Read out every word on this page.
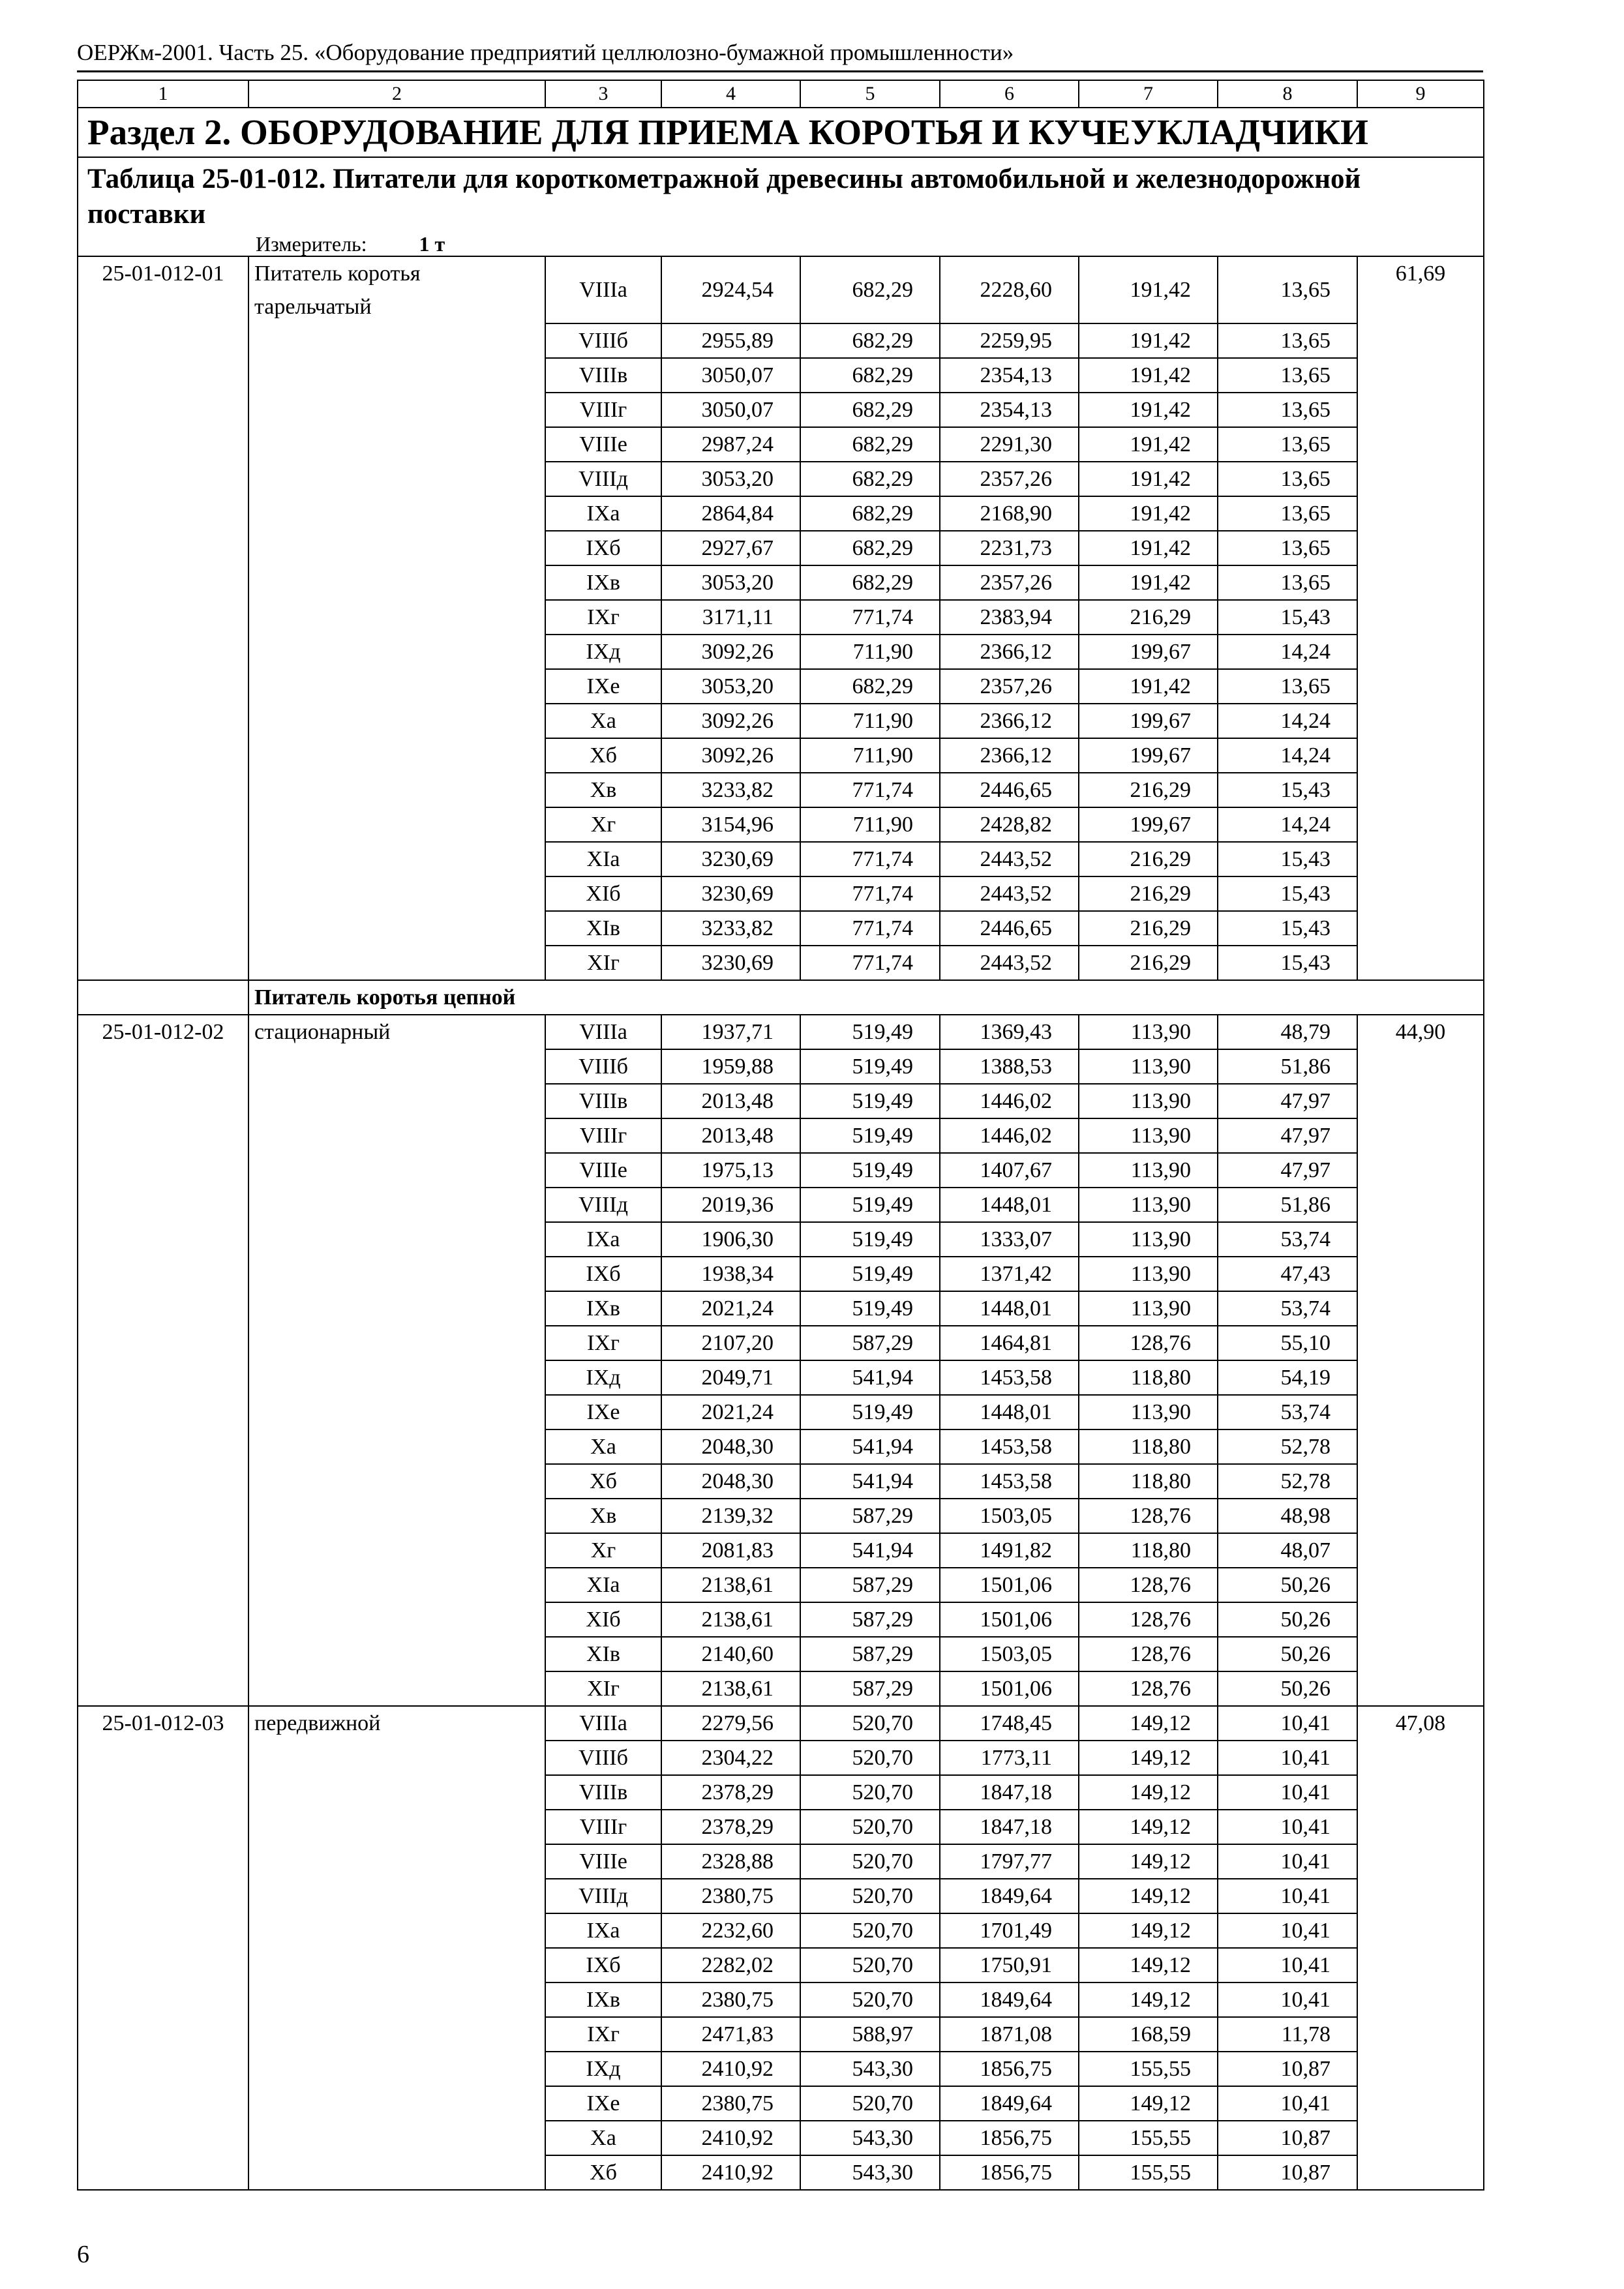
ОЕРЖм-2001. Часть 25. «Оборудование предприятий целлюлозно-бумажной промышленности»
1	2	3	4	5	6	7	8	9
Раздел 2. ОБОРУДОВАНИЕ ДЛЯ ПРИЕМА КОРОТЬЯ И КУЧЕУКЛАДЧИКИ								
Таблица 25-01-012. Питатели для короткометражной древесины автомобильной и железнодорожной поставки								
Измеритель: 1 т								
25-01-012-01	Питатель коротья тарельчатый	VIIIа	2924,54	682,29	2228,60	191,42	13,65	61,69
		VIIIб	2955,89	682,29	2259,95	191,42	13,65	
		VIIIв	3050,07	682,29	2354,13	191,42	13,65	
		VIIIг	3050,07	682,29	2354,13	191,42	13,65	
		VIIIе	2987,24	682,29	2291,30	191,42	13,65	
		VIIIд	3053,20	682,29	2357,26	191,42	13,65	
		IXа	2864,84	682,29	2168,90	191,42	13,65	
		IXб	2927,67	682,29	2231,73	191,42	13,65	
		IXв	3053,20	682,29	2357,26	191,42	13,65	
		IXг	3171,11	771,74	2383,94	216,29	15,43	
		IXд	3092,26	711,90	2366,12	199,67	14,24	
		IXе	3053,20	682,29	2357,26	191,42	13,65	
		Xа	3092,26	711,90	2366,12	199,67	14,24	
		Xб	3092,26	711,90	2366,12	199,67	14,24	
		Xв	3233,82	771,74	2446,65	216,29	15,43	
		Xг	3154,96	711,90	2428,82	199,67	14,24	
		XIа	3230,69	771,74	2443,52	216,29	15,43	
		XIб	3230,69	771,74	2443,52	216,29	15,43	
		XIв	3233,82	771,74	2446,65	216,29	15,43	
		XIг	3230,69	771,74	2443,52	216,29	15,43	
	Питатель коротья цепной							
25-01-012-02	стационарный	VIIIа	1937,71	519,49	1369,43	113,90	48,79	44,90
		VIIIб	1959,88	519,49	1388,53	113,90	51,86	
		VIIIв	2013,48	519,49	1446,02	113,90	47,97	
		VIIIг	2013,48	519,49	1446,02	113,90	47,97	
		VIIIе	1975,13	519,49	1407,67	113,90	47,97	
		VIIIд	2019,36	519,49	1448,01	113,90	51,86	
		IXа	1906,30	519,49	1333,07	113,90	53,74	
		IXб	1938,34	519,49	1371,42	113,90	47,43	
		IXв	2021,24	519,49	1448,01	113,90	53,74	
		IXг	2107,20	587,29	1464,81	128,76	55,10	
		IXд	2049,71	541,94	1453,58	118,80	54,19	
		IXе	2021,24	519,49	1448,01	113,90	53,74	
		Xа	2048,30	541,94	1453,58	118,80	52,78	
		Xб	2048,30	541,94	1453,58	118,80	52,78	
		Xв	2139,32	587,29	1503,05	128,76	48,98	
		Xг	2081,83	541,94	1491,82	118,80	48,07	
		XIа	2138,61	587,29	1501,06	128,76	50,26	
		XIб	2138,61	587,29	1501,06	128,76	50,26	
		XIв	2140,60	587,29	1503,05	128,76	50,26	
		XIг	2138,61	587,29	1501,06	128,76	50,26	
25-01-012-03	передвижной	VIIIа	2279,56	520,70	1748,45	149,12	10,41	47,08
		VIIIб	2304,22	520,70	1773,11	149,12	10,41	
		VIIIв	2378,29	520,70	1847,18	149,12	10,41	
		VIIIг	2378,29	520,70	1847,18	149,12	10,41	
		VIIIе	2328,88	520,70	1797,77	149,12	10,41	
		VIIIд	2380,75	520,70	1849,64	149,12	10,41	
		IXа	2232,60	520,70	1701,49	149,12	10,41	
		IXб	2282,02	520,70	1750,91	149,12	10,41	
		IXв	2380,75	520,70	1849,64	149,12	10,41	
		IXг	2471,83	588,97	1871,08	168,59	11,78	
		IXд	2410,92	543,30	1856,75	155,55	10,87	
		IXе	2380,75	520,70	1849,64	149,12	10,41	
		Xа	2410,92	543,30	1856,75	155,55	10,87	
		Xб	2410,92	543,30	1856,75	155,55	10,87	
6
